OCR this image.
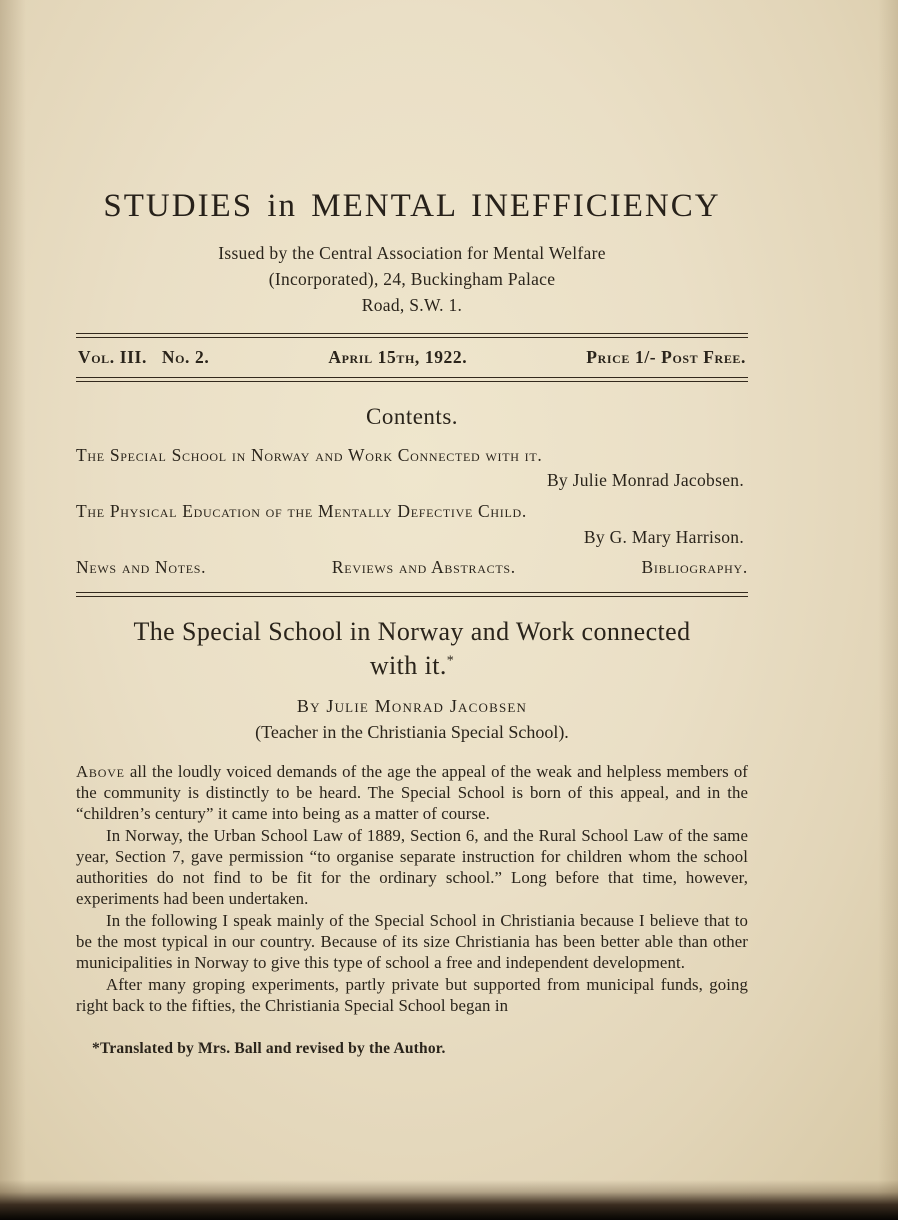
STUDIES in MENTAL INEFFICIENCY
Issued by the Central Association for Mental Welfare
(Incorporated), 24, Buckingham Palace
Road, S.W. 1.
Vol. III.   No. 2.	April 15th, 1922.	Price 1/- Post Free.
Contents.
The Special School in Norway and Work Connected with it.
By Julie Monrad Jacobsen.
The Physical Education of the Mentally Defective Child.
By G. Mary Harrison.
News and Notes.	Reviews and Abstracts.	Bibliography.
The Special School in Norway and Work connected
with it.*
By Julie Monrad Jacobsen
(Teacher in the Christiania Special School).

Above all the loudly voiced demands of the age the appeal of the weak and helpless members of the community is distinctly to be heard. The Special School is born of this appeal, and in the “children’s century” it came into being as a matter of course.

In Norway, the Urban School Law of 1889, Section 6, and the Rural School Law of the same year, Section 7, gave permission “to organise separate instruction for children whom the school authorities do not find to be fit for the ordinary school.” Long before that time, however, experiments had been undertaken.

In the following I speak mainly of the Special School in Christiania because I believe that to be the most typical in our country. Because of its size Christiania has been better able than other municipalities in Norway to give this type of school a free and independent development.

After many groping experiments, partly private but supported from municipal funds, going right back to the fifties, the Christiania Special School began in

*Translated by Mrs. Ball and revised by the Author.
